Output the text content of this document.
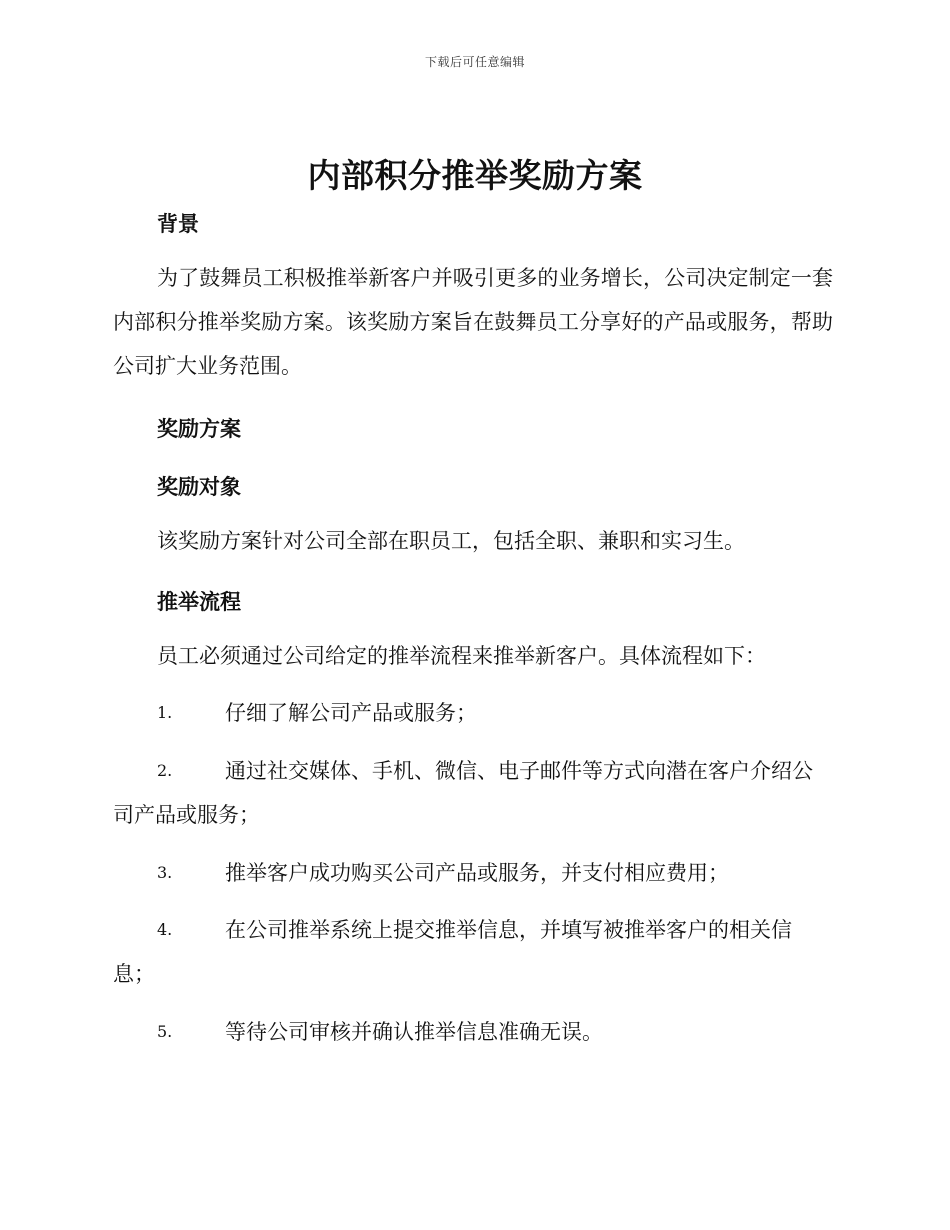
下载后可任意编辑
内部积分推举奖励方案
背景
为了鼓舞员工积极推举新客户并吸引更多的业务增长，公司决定制定一套内部积分推举奖励方案。该奖励方案旨在鼓舞员工分享好的产品或服务，帮助公司扩大业务范围。
奖励方案
奖励对象
该奖励方案针对公司全部在职员工，包括全职、兼职和实习生。
推举流程
员工必须通过公司给定的推举流程来推举新客户。具体流程如下：
1.	仔细了解公司产品或服务；
2.	通过社交媒体、手机、微信、电子邮件等方式向潜在客户介绍公司产品或服务；
3.	推举客户成功购买公司产品或服务，并支付相应费用；
4.	在公司推举系统上提交推举信息，并填写被推举客户的相关信息；
5.	等待公司审核并确认推举信息准确无误。
